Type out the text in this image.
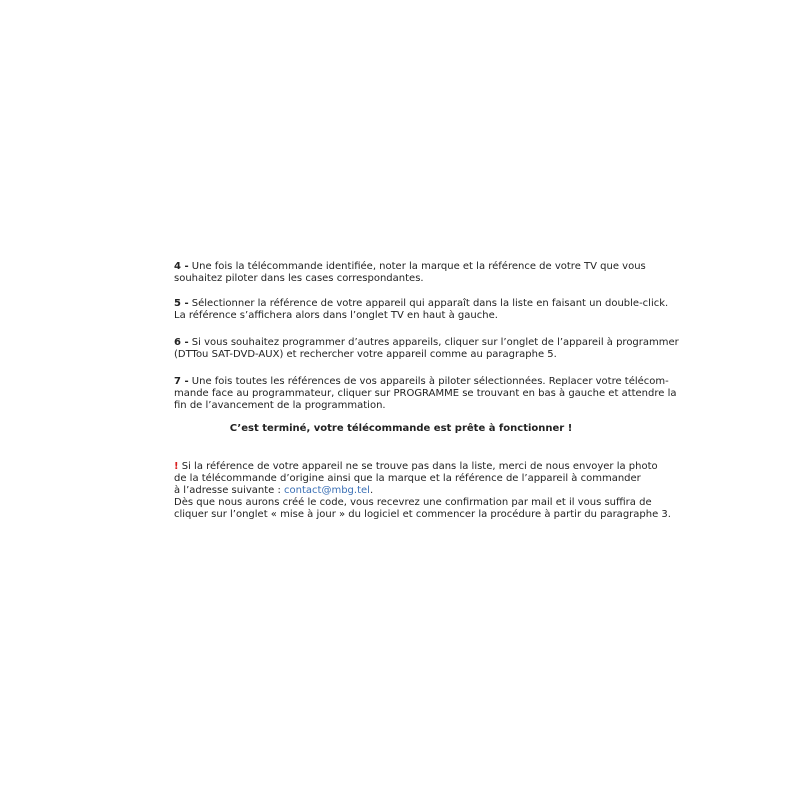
4 - Une fois la télécommande identifiée, noter la marque et la référence de votre TV que vous
souhaitez piloter dans les cases correspondantes.

5 - Sélectionner la référence de votre appareil qui apparaît dans la liste en faisant un double-click.
La référence s’affichera alors dans l’onglet TV en haut à gauche.

6 - Si vous souhaitez programmer d’autres appareils, cliquer sur l’onglet de l’appareil à programmer
(DTTou SAT-DVD-AUX) et rechercher votre appareil comme au paragraphe 5.

7 - Une fois toutes les références de vos appareils à piloter sélectionnées. Replacer votre télécom-
mande face au programmateur, cliquer sur PROGRAMME se trouvant en bas à gauche et attendre la
fin de l’avancement de la programmation.

C’est terminé, votre télécommande est prête à fonctionner !

! Si la référence de votre appareil ne se trouve pas dans la liste, merci de nous envoyer la photo
de la télécommande d’origine ainsi que la marque et la référence de l’appareil à commander
à l’adresse suivante : contact@mbg.tel.
Dès que nous aurons créé le code, vous recevrez une confirmation par mail et il vous suffira de
cliquer sur l’onglet « mise à jour » du logiciel et commencer la procédure à partir du paragraphe 3.
